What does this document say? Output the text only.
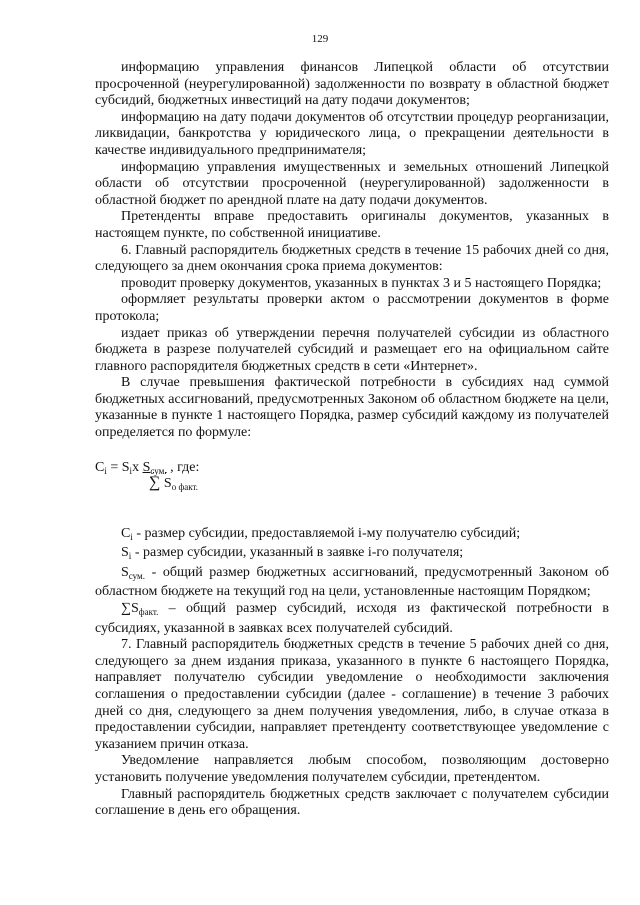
129

информацию управления финансов Липецкой области об отсутствии просроченной (неурегулированной) задолженности по возврату в областной бюджет субсидий, бюджетных инвестиций на дату подачи документов;

информацию на дату подачи документов об отсутствии процедур реорганизации, ликвидации, банкротства у юридического лица, о прекращении деятельности в качестве индивидуального предпринимателя;

информацию управления имущественных и земельных отношений Липецкой области об отсутствии просроченной (неурегулированной) задолженности в областной бюджет по арендной плате на дату подачи документов.

Претенденты вправе предоставить оригиналы документов, указанных в настоящем пункте, по собственной инициативе.

6. Главный распорядитель бюджетных средств в течение 15 рабочих дней со дня, следующего за днем окончания срока приема документов:

проводит проверку документов, указанных в пунктах 3 и 5 настоящего Порядка;

оформляет результаты проверки актом о рассмотрении документов в форме протокола;

издает приказ об утверждении перечня получателей субсидии из областного бюджета в разрезе получателей субсидий и размещает его на официальном сайте главного распорядителя бюджетных средств в сети «Интернет».

В случае превышения фактической потребности в субсидиях над суммой бюджетных ассигнований, предусмотренных Законом об областном бюджете на цели, указанные в пункте 1 настоящего Порядка, размер субсидий каждому из получателей определяется по формуле:

$C_i = S_ix$ $S_{сум.}$ , где:
∑ $S_{о факт.}$

$C_i$ - размер субсидии, предоставляемой i-му получателю субсидий;

$S_i$ - размер субсидии, указанный в заявке i-го получателя;

$S_{сум.}$ - общий размер бюджетных ассигнований, предусмотренный Законом об областном бюджете на текущий год на цели, установленные настоящим Порядком;

$\sum S_{факт.}$ – общий размер субсидий, исходя из фактической потребности в субсидиях, указанной в заявках всех получателей субсидий.

7. Главный распорядитель бюджетных средств в течение 5 рабочих дней со дня, следующего за днем издания приказа, указанного в пункте 6 настоящего Порядка, направляет получателю субсидии уведомление о необходимости заключения соглашения о предоставлении субсидии (далее - соглашение) в течение 3 рабочих дней со дня, следующего за днем получения уведомления, либо, в случае отказа в предоставлении субсидии, направляет претенденту соответствующее уведомление с указанием причин отказа.

Уведомление направляется любым способом, позволяющим достоверно установить получение уведомления получателем субсидии, претендентом.

Главный распорядитель бюджетных средств заключает с получателем субсидии соглашение в день его обращения.
